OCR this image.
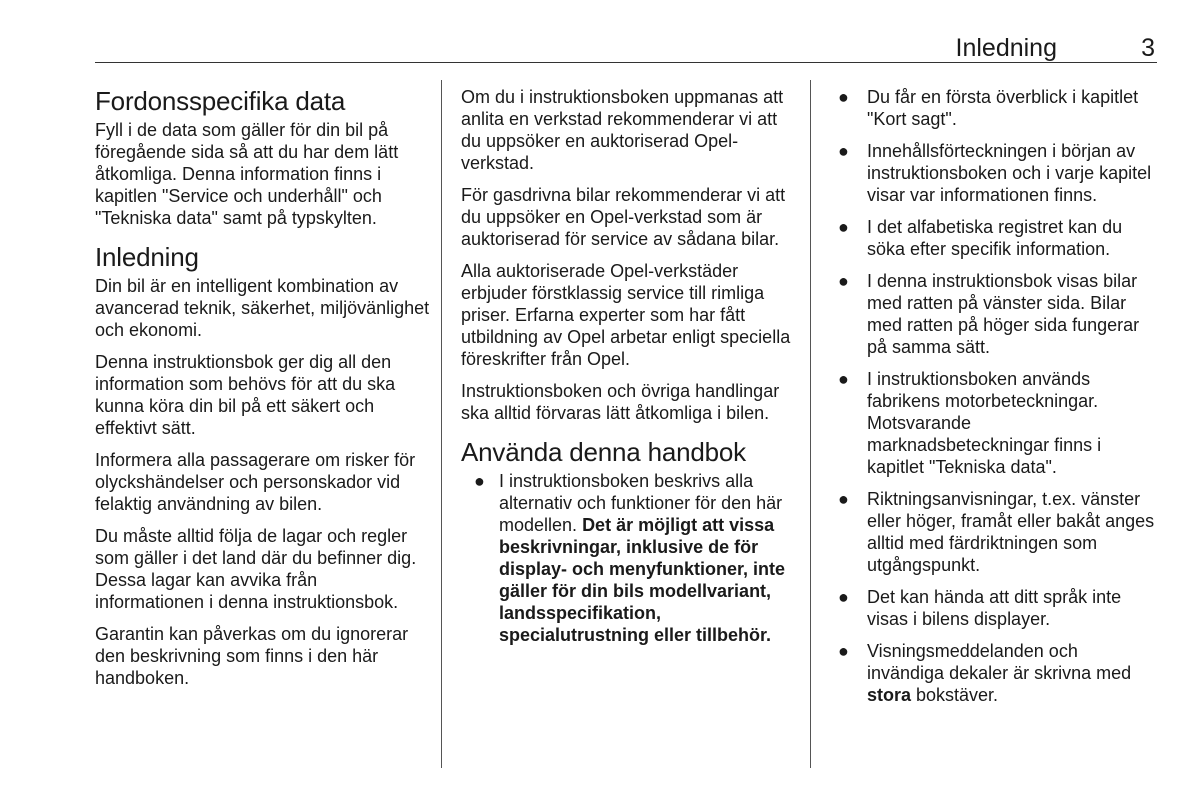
Inledning	3
Fordonsspecifika data

Fyll i de data som gäller för din bil på föregående sida så att du har dem lätt åtkomliga. Denna information finns i kapitlen "Service och underhåll" och "Tekniska data" samt på typskylten.

Inledning

Din bil är en intelligent kombination av avancerad teknik, säkerhet, miljövänlighet och ekonomi.

Denna instruktionsbok ger dig all den information som behövs för att du ska kunna köra din bil på ett säkert och effektivt sätt.

Informera alla passagerare om risker för olyckshändelser och personskador vid felaktig användning av bilen.

Du måste alltid följa de lagar och regler som gäller i det land där du befinner dig. Dessa lagar kan avvika från informationen i denna instruktionsbok.

Garantin kan påverkas om du ignorerar den beskrivning som finns i den här handboken.

Om du i instruktionsboken uppmanas att anlita en verkstad rekommenderar vi att du uppsöker en auktoriserad Opel-verkstad.

För gasdrivna bilar rekommenderar vi att du uppsöker en Opel-verkstad som är auktoriserad för service av sådana bilar.

Alla auktoriserade Opel-verkstäder erbjuder förstklassig service till rimliga priser. Erfarna experter som har fått utbildning av Opel arbetar enligt speciella föreskrifter från Opel.

Instruktionsboken och övriga handlingar ska alltid förvaras lätt åtkomliga i bilen.

Använda denna handbok
● I instruktionsboken beskrivs alla alternativ och funktioner för den här modellen. Det är möjligt att vissa beskrivningar, inklusive de för display- och menyfunktioner, inte gäller för din bils modellvariant, landsspecifikation, specialutrustning eller tillbehör.
● Du får en första överblick i kapitlet "Kort sagt".
● Innehållsförteckningen i början av instruktionsboken och i varje kapitel visar var informationen finns.
● I det alfabetiska registret kan du söka efter specifik information.
● I denna instruktionsbok visas bilar med ratten på vänster sida. Bilar med ratten på höger sida fungerar på samma sätt.
● I instruktionsboken används fabrikens motorbeteckningar. Motsvarande marknadsbeteckningar finns i kapitlet "Tekniska data".
● Riktningsanvisningar, t.ex. vänster eller höger, framåt eller bakåt anges alltid med färdriktningen som utgångspunkt.
● Det kan hända att ditt språk inte visas i bilens displayer.
● Visningsmeddelanden och invändiga dekaler är skrivna med stora bokstäver.
